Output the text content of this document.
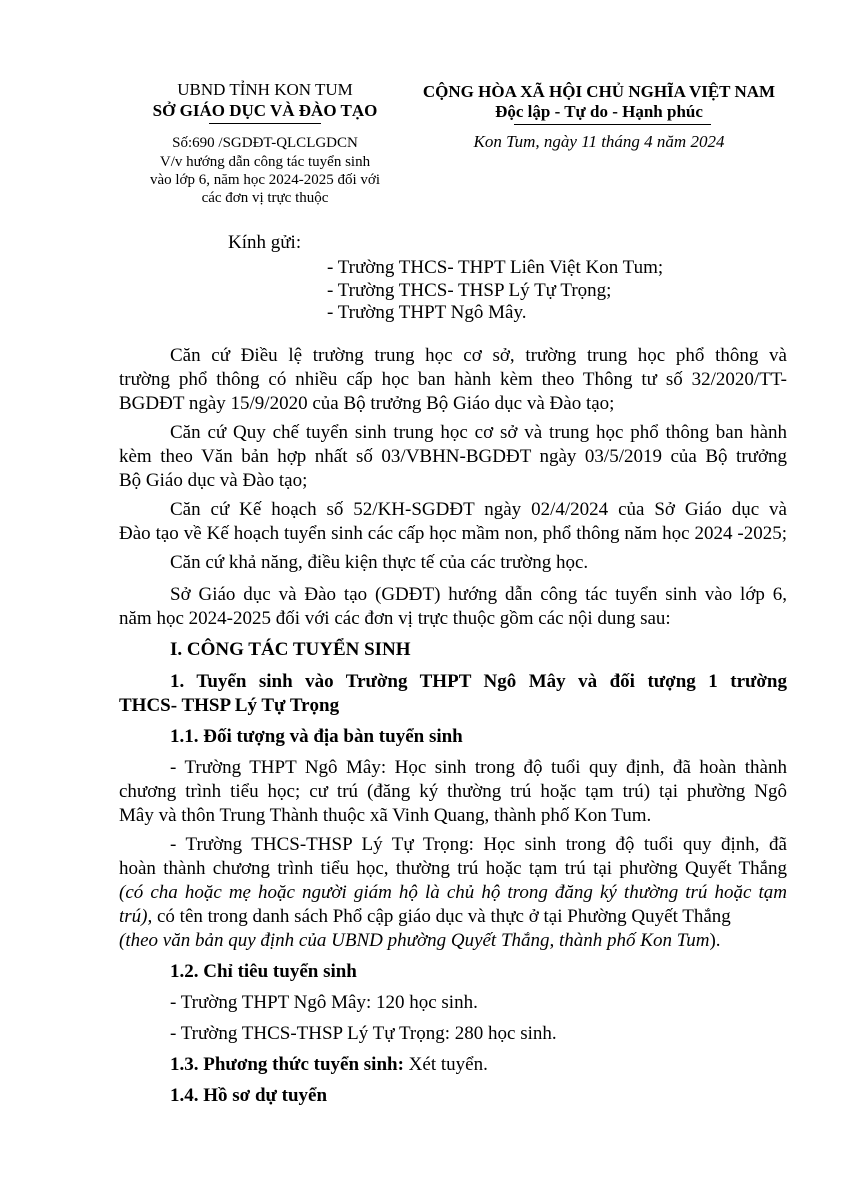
UBND TỈNH KON TUM
SỞ GIÁO DỤC VÀ ĐÀO TẠO
Số:690 /SGDĐT-QLCLGDCN
V/v hướng dẫn công tác tuyển sinh
vào lớp 6, năm học 2024-2025 đối với
các đơn vị trực thuộc
CỘNG HÒA XÃ HỘI CHỦ NGHĨA VIỆT NAM
Độc lập - Tự do - Hạnh phúc
Kon Tum, ngày 11 tháng 4 năm 2024
Kính gửi:
- Trường THCS- THPT Liên Việt Kon Tum;
- Trường THCS- THSP Lý Tự Trọng;
- Trường THPT Ngô Mây.
Căn cứ Điều lệ trường trung học cơ sở, trường trung học phổ thông và
trường phổ thông có nhiều cấp học ban hành kèm theo Thông tư số 32/2020/TT-
BGDĐT ngày 15/9/2020 của Bộ trưởng Bộ Giáo dục và Đào tạo;
Căn cứ Quy chế tuyển sinh trung học cơ sở và trung học phổ thông ban hành
kèm theo Văn bản hợp nhất số 03/VBHN-BGDĐT ngày 03/5/2019 của Bộ trưởng
Bộ Giáo dục và Đào tạo;
Căn cứ Kế hoạch số 52/KH-SGDĐT ngày 02/4/2024 của Sở Giáo dục và
Đào tạo về Kế hoạch tuyển sinh các cấp học mầm non, phổ thông năm học 2024 -2025;
Căn cứ khả năng, điều kiện thực tế của các trường học.
Sở Giáo dục và Đào tạo (GDĐT) hướng dẫn công tác tuyển sinh vào lớp 6,
năm học 2024-2025 đối với các đơn vị trực thuộc gồm các nội dung sau:
I. CÔNG TÁC TUYỂN SINH
1. Tuyển sinh vào Trường THPT Ngô Mây và đối tượng 1 trường
THCS- THSP Lý Tự Trọng
1.1. Đối tượng và địa bàn tuyển sinh
- Trường THPT Ngô Mây: Học sinh trong độ tuổi quy định, đã hoàn thành
chương trình tiểu học; cư trú (đăng ký thường trú hoặc tạm trú) tại phường Ngô
Mây và thôn Trung Thành thuộc xã Vinh Quang, thành phố Kon Tum.
- Trường THCS-THSP Lý Tự Trọng: Học sinh trong độ tuổi quy định, đã
hoàn thành chương trình tiểu học, thường trú hoặc tạm trú tại phường Quyết Thắng
(có cha hoặc mẹ hoặc người giám hộ là chủ hộ trong đăng ký thường trú hoặc tạm
trú), có tên trong danh sách Phổ cập giáo dục và thực ở tại Phường Quyết Thắng
(theo văn bản quy định của UBND phường Quyết Thắng, thành phố Kon Tum).
1.2. Chỉ tiêu tuyển sinh
- Trường THPT Ngô Mây: 120 học sinh.
- Trường THCS-THSP Lý Tự Trọng: 280 học sinh.
1.3. Phương thức tuyển sinh: Xét tuyển.
1.4. Hồ sơ dự tuyển
